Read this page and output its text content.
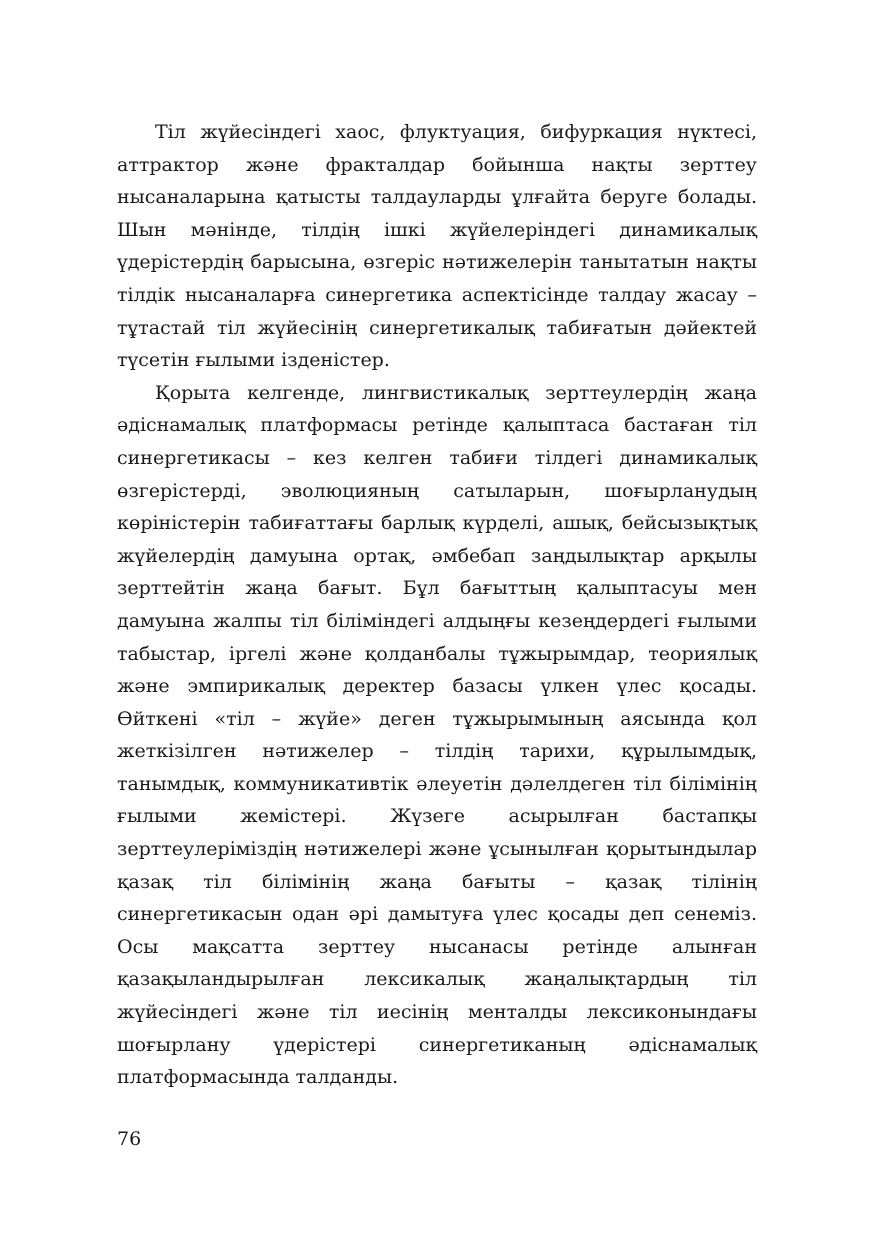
Тіл жүйесіндегі хаос, флуктуация, бифуркация нүктесі, аттрактор және фракталдар бойынша нақты зерттеу нысаналарына қатысты талдауларды ұлғайта беруге болады. Шын мәнінде, тілдің ішкі жүйелеріндегі динамикалық үдерістердің барысына, өзгеріс нәтижелерін танытатын нақты тілдік нысаналарға синергетика аспектісінде талдау жасау – тұтастай тіл жүйесінің синергетикалық табиғатын дәйектей түсетін ғылыми ізденістер.

Қорыта келгенде, лингвистикалық зерттеулердің жаңа әдіснамалық платформасы ретінде қалыптаса бастаған тіл синергетикасы – кез келген табиғи тілдегі динамикалық өзгерістерді, эволюцияның сатыларын, шоғырланудың көрінiстерін табиғаттағы барлық күрделі, ашық, бейсызықтық жүйелердің дамуына ортақ, әмбебап заңдылықтар арқылы зерттейтін жаңа бағыт. Бұл бағыттың қалыптасуы мен дамуына жалпы тіл біліміндегі алдыңғы кезеңдердегі ғылыми табыстар, іргелі және қолданбалы тұжырымдар, теориялық және эмпирикалық деректер базасы үлкен үлес қосады. Өйткені «тіл – жүйе» деген тұжырымының аясында қол жеткізілген нәтижелер – тілдің тарихи, құрылымдық, танымдық, коммуникативтік әлеуетін дәлелдеген тіл білімінің ғылыми жемістері. Жүзеге асырылған бастапқы зерттеулеріміздің нәтижелері және ұсынылған қорытындылар қазақ тіл білімінің жаңа бағыты – қазақ тілінің синергетикасын одан әрі дамытуға үлес қосады деп сенеміз. Осы мақсатта зерттеу нысанасы ретінде алынған қазақыландырылған лексикалық жаңалықтардың тіл жүйесіндегі және тіл иесінің менталды лексиконындағы шоғырлану үдерістері синергетиканың әдіснамалық платформасында талданды.

76
